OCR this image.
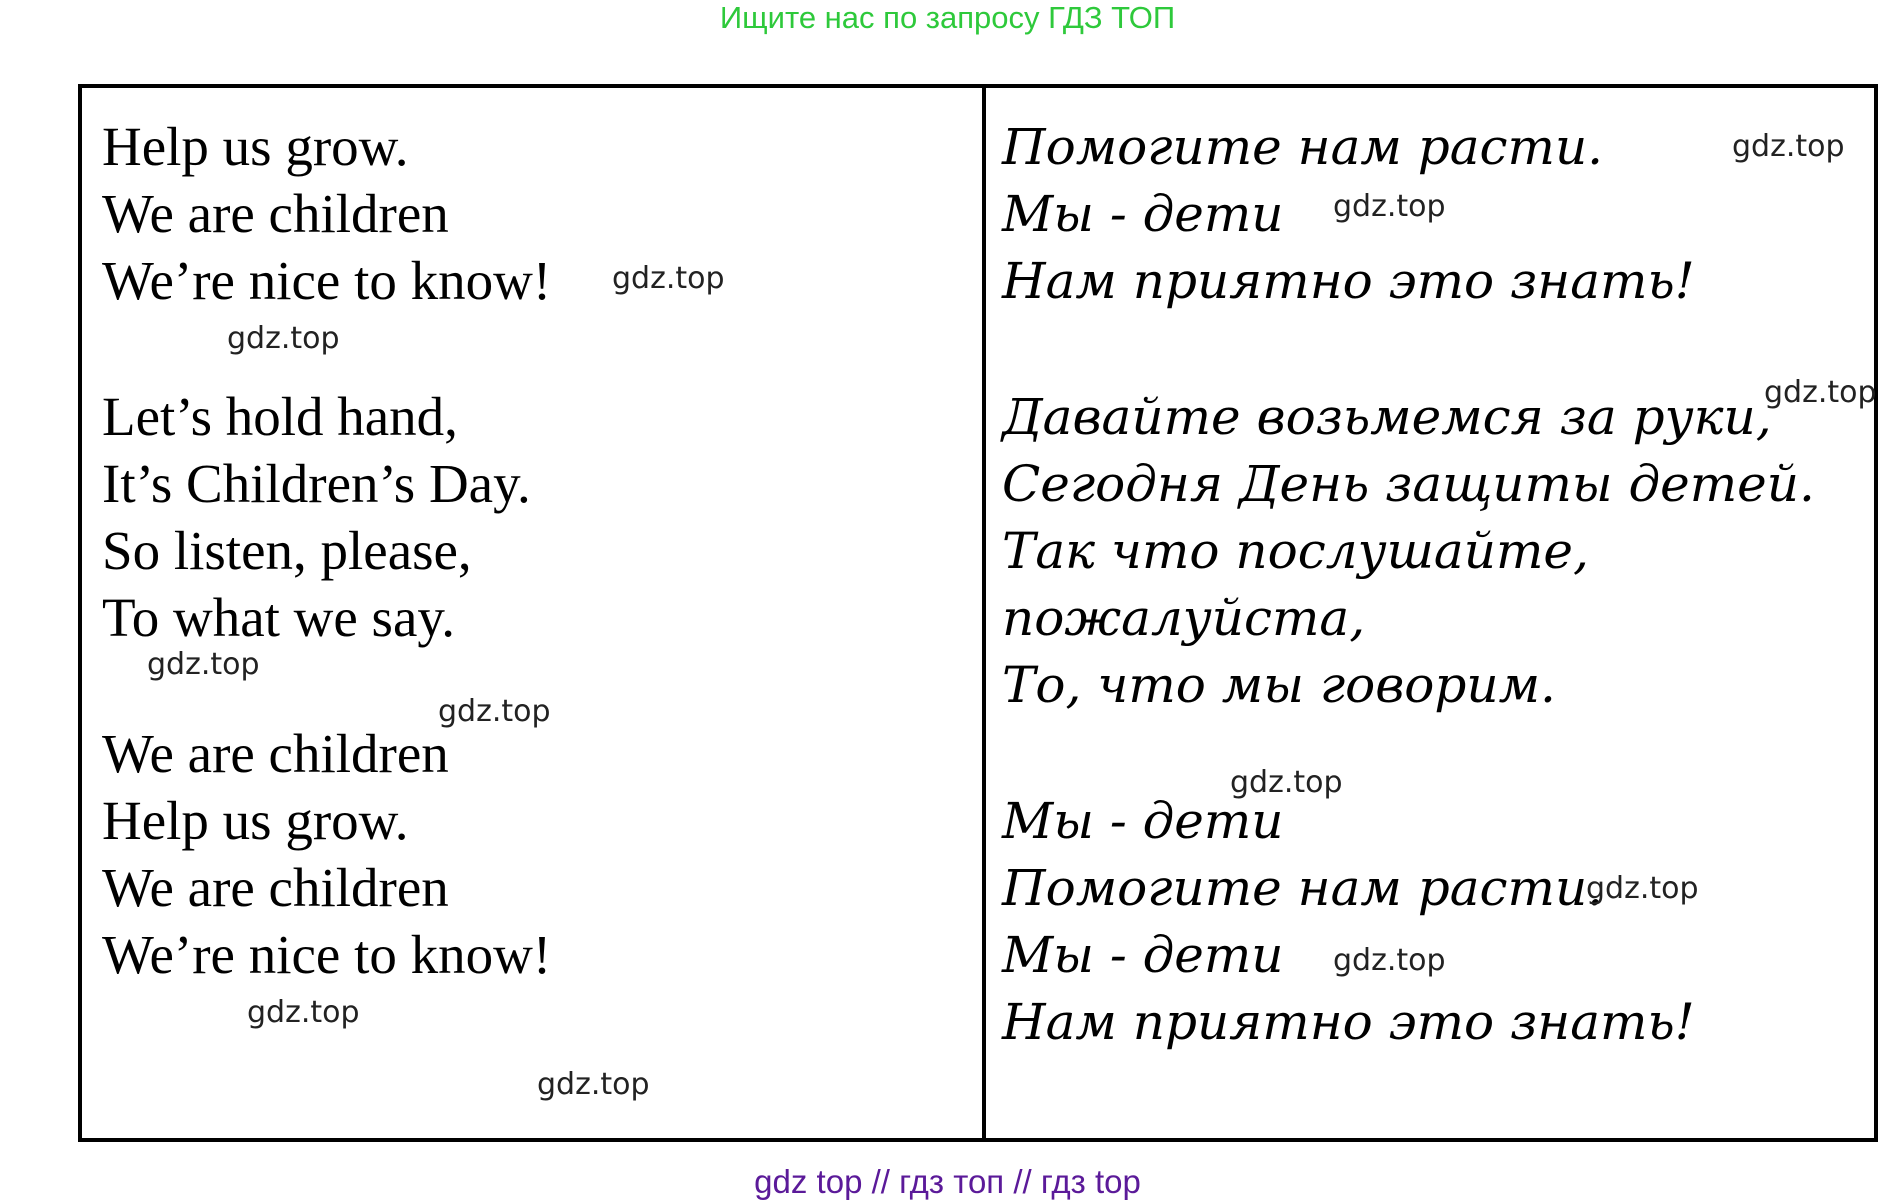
Ищите нас по запросу ГДЗ ТОП
Help us grow.
We are children
We’re nice to know!
Let’s hold hand,
It’s Children’s Day.
So listen, please,
To what we say.
We are children
Help us grow.
We are children
We’re nice to know!
Помогите нам расти.
Мы - дети
Нам приятно это знать!
Давайте возьмемся за руки,
Сегодня День защиты детей.
Так что послушайте,
пожалуйста,
То, что мы говорим.
Мы - дети
Помогите нам расти.
Мы - дети
Нам приятно это знать!
gdz.top
gdz.top
gdz.top
gdz.top
gdz.top
gdz.top
gdz.top
gdz.top
gdz.top
gdz.top
gdz.top
gdz.top
gdz top // гдз топ // гдз top
